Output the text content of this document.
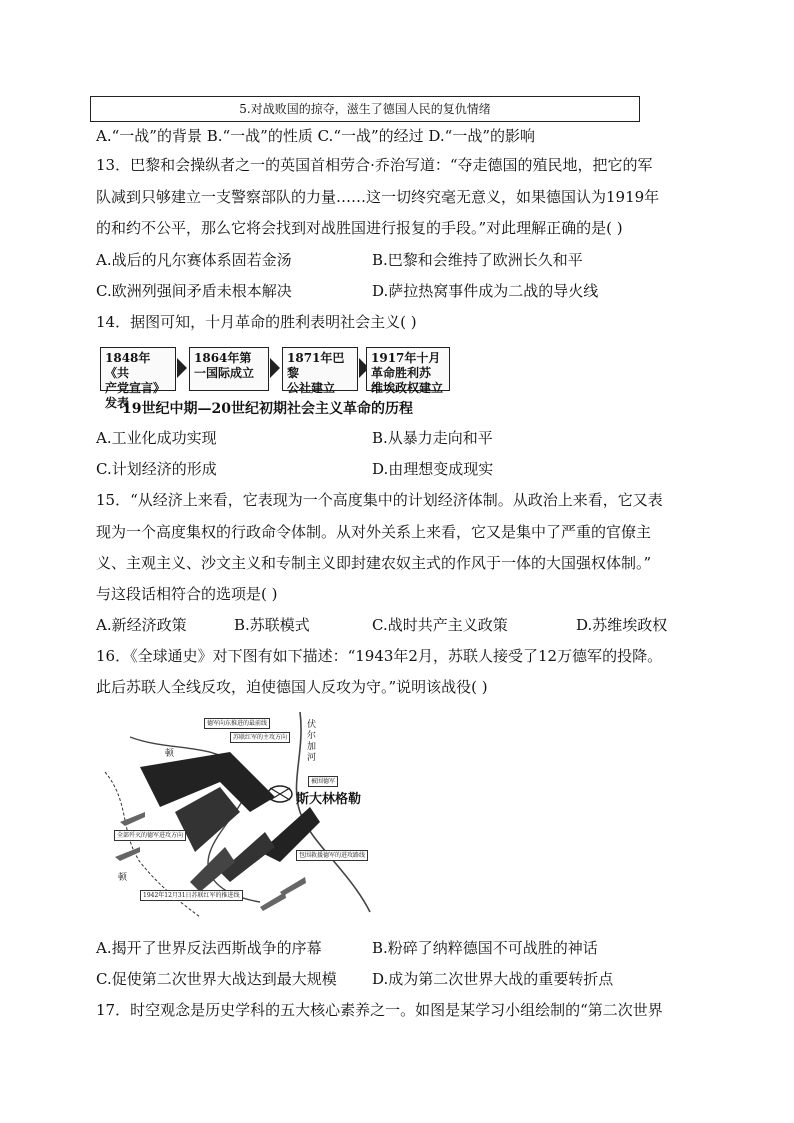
5.对战败国的掠夺，滋生了德国人民的复仇情绪
A.“一战”的背景 B.“一战”的性质 C.“一战”的经过 D.“一战”的影响
13．巴黎和会操纵者之一的英国首相劳合·乔治写道：“夺走德国的殖民地，把它的军
队减到只够建立一支警察部队的力量……这一切终究毫无意义，如果德国认为1919年
的和约不公平，那么它将会找到对战胜国进行报复的手段。”对此理解正确的是( )
A.战后的凡尔赛体系固若金汤	B.巴黎和会维持了欧洲长久和平
C.欧洲列强间矛盾未根本解决	D.萨拉热窝事件成为二战的导火线
14．据图可知，十月革命的胜利表明社会主义( )
1848年《共
产党宣言》
发表
1864年第
一国际成立
1871年巴黎
公社建立
1917年十月
革命胜利苏
维埃政权建立
19世纪中期—20世纪初期社会主义革命的历程
A.工业化成功实现	B.从暴力走向和平
C.计划经济的形成	D.由理想变成现实
15．“从经济上来看，它表现为一个高度集中的计划经济体制。从政治上来看，它又表
现为一个高度集权的行政命令体制。从对外关系上来看，它又是集中了严重的官僚主
义、主观主义、沙文主义和专制主义即封建农奴主式的作风于一体的大国强权体制。”
与这段话相符合的选项是( )
A.新经济政策	B.苏联模式	C.战时共产主义政策	D.苏维埃政权
16．《全球通史》对下图有如下描述：“1943年2月，苏联人接受了12万德军的投降。
此后苏联人全线反攻，迫使德国人反攻为守。”说明该战役( )
德军向东推进的最前线
苏联红军的主攻方向
被围德军
全部歼灭的德军进攻方向
包围救援德军的进攻路线
1942年12月31日苏联红军的推进线
斯大林格勒
伏尔加河
顿
顿
A.揭开了世界反法西斯战争的序幕	B.粉碎了纳粹德国不可战胜的神话
C.促使第二次世界大战达到最大规模 D.成为第二次世界大战的重要转折点
17．时空观念是历史学科的五大核心素养之一。如图是某学习小组绘制的“第二次世界
